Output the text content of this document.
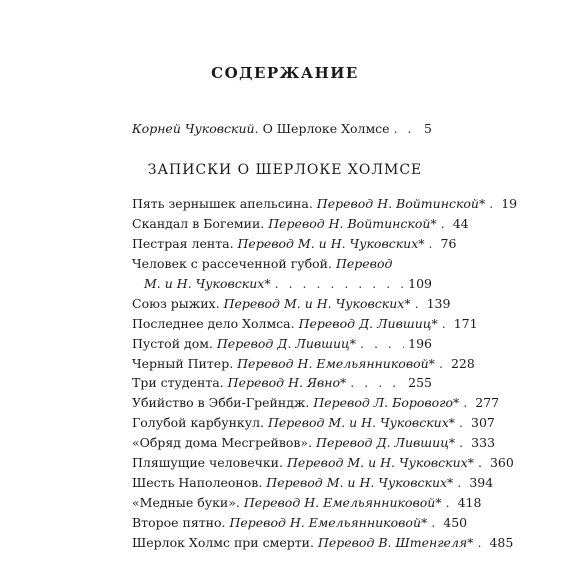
СОДЕРЖАНИЕ
Корней Чуковский.
О Шерлоке Холмсе . . .	5
ЗАПИСКИ О ШЕРЛОКЕ ХОЛМСЕ
Пять зернышек апельсина.
Перевод Н. Войтинской* . . . 19
Скандал в Богемии.
Перевод Н. Войтинской* . . . 44
Пестрая лента.
Перевод М. и Н. Чуковских* . . . 76
Человек с рассеченной губой. Перевод
М. и Н. Чуковских* . . .	109
Союз рыжих.
Перевод М. и Н. Чуковских* . . . 139
Последнее дело Холмса.
Перевод Д. Лившиц* . . . 171
Пустой дом.
Перевод Д. Лившиц* . . .	196
Черный Питер.
Перевод Н. Емельянниковой* . . . 228
Три студента.
Перевод Н. Явно* . . .	255
Убийство в Эбби-Грейндж.
Перевод Л. Борового* . . . 277
Голубой карбункул.
Перевод М. и Н. Чуковских* . . . 307
«Обряд дома Месгрейвов».
Перевод Д. Лившиц* . . . 333
Пляшущие человечки.
Перевод М. и Н. Чуковских* . . . 360
Шесть Наполеонов.
Перевод М. и Н. Чуковских* . . . 394
«Медные буки».
Перевод Н. Емельянниковой* . . . 418
Второе пятно.
Перевод Н. Емельянниковой* . . . 450
Шерлок Холмс при смерти.
Перевод В. Штенгеля* . . . 485
